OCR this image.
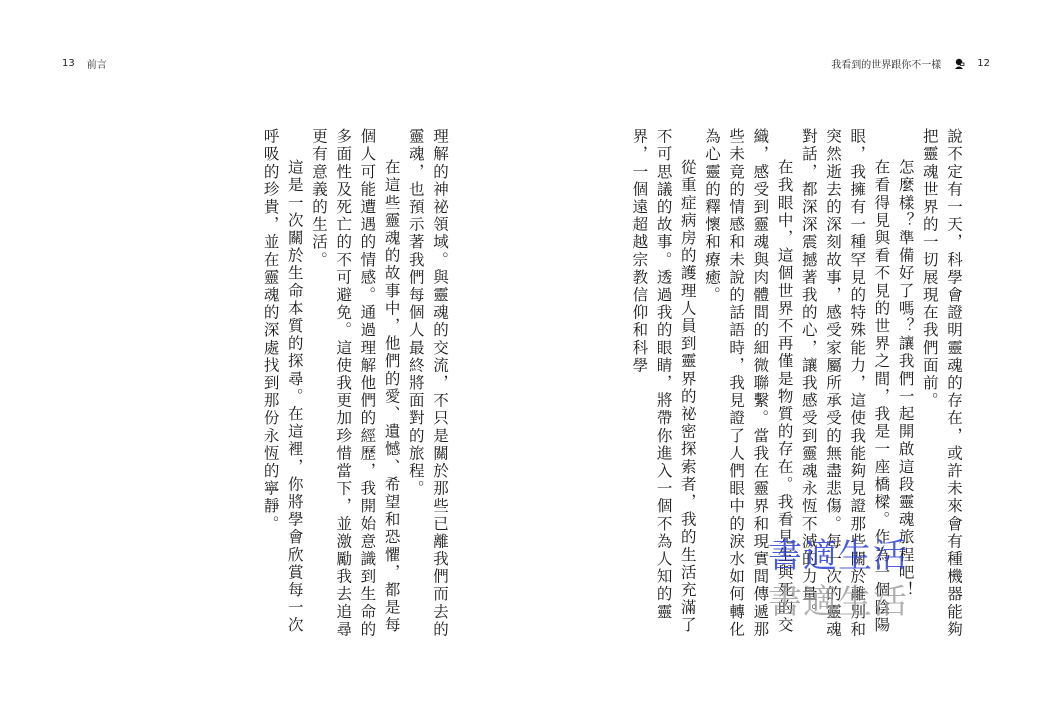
13 前言	我看到的世界跟你不一樣	12

說不定有一天，科學會證明靈魂的存在，或許未來會有種機器能夠把靈魂世界的一切展現在我們面前。

怎麼樣？準備好了嗎？讓我們一起開啟這段靈魂旅程吧！

在看得見與看不見的世界之間，我是一座橋樑。作為一個陰陽眼，我擁有一種罕見的特殊能力，這使我能夠見證那些關於離別和突然逝去的深刻故事，感受家屬所承受的無盡悲傷。每一次的靈魂對話，都深深震撼著我的心，讓我感受到靈魂永恆不滅的力量。

在我眼中，這個世界不再僅是物質的存在。我看見生與死的交織，感受到靈魂與肉體間的細微聯繫。當我在靈界和現實間傳遞那些未竟的情感和未說的話語時，我見證了人們眼中的淚水如何轉化為心靈的釋懷和療癒。

從重症病房的護理人員到靈界的祕密探索者，我的生活充滿了不可思議的故事。透過我的眼睛，將帶你進入一個不為人知的靈界，一個遠超越宗教信仰和科學

理解的神祕領域。與靈魂的交流，不只是關於那些已離我們而去的靈魂，也預示著我們每個人最終將面對的旅程。

在這些靈魂的故事中，他們的愛、遺憾、希望和恐懼，都是每個人可能遭遇的情感。通過理解他們的經歷，我開始意識到生命的多面性及死亡的不可避免。這使我更加珍惜當下，並激勵我去追尋更有意義的生活。

這是一次關於生命本質的探尋。在這裡，你將學會欣賞每一次呼吸的珍貴，並在靈魂的深處找到那份永恆的寧靜。

書適生活
書適生活
